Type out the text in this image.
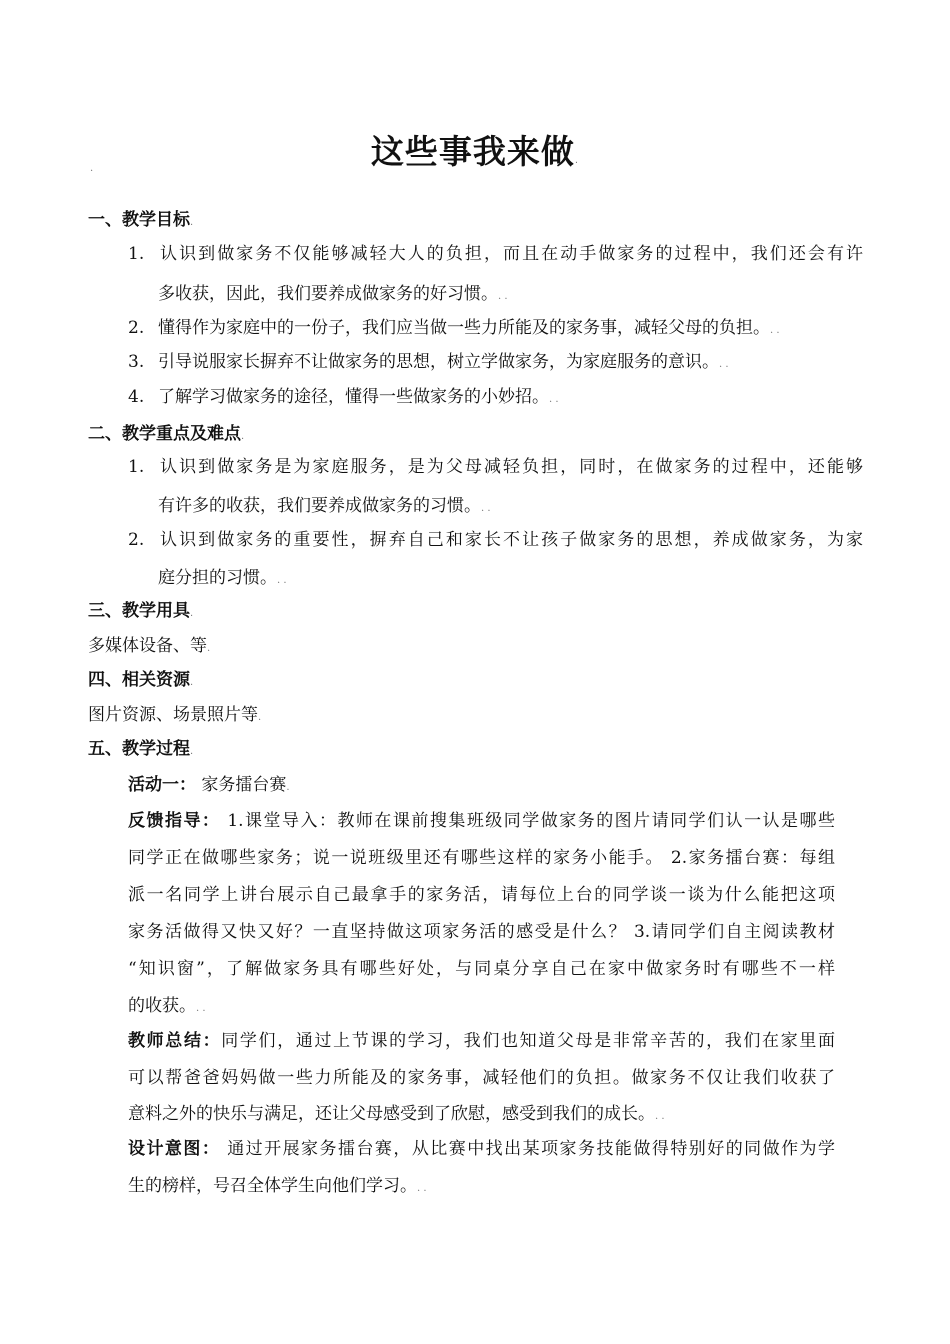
这些事我来做.
.
一、教学目标.
1. 认识到做家务不仅能够减轻大人的负担，而且在动手做家务的过程中，我们还会有许
多收获，因此，我们要养成做家务的好习惯。. .
2. 懂得作为家庭中的一份子，我们应当做一些力所能及的家务事，减轻父母的负担。. .
3. 引导说服家长摒弃不让做家务的思想，树立学做家务，为家庭服务的意识。. .
4. 了解学习做家务的途径，懂得一些做家务的小妙招。. .
二、教学重点及难点.
1. 认识到做家务是为家庭服务，是为父母减轻负担，同时，在做家务的过程中，还能够
有许多的收获，我们要养成做家务的习惯。. .
2. 认识到做家务的重要性，摒弃自己和家长不让孩子做家务的思想，养成做家务，为家
庭分担的习惯。. .
三、教学用具.
多媒体设备、等.
四、相关资源.
图片资源、场景照片等.
五、教学过程.
活动一： 家务擂台赛.
反馈指导： 1.课堂导入：教师在课前搜集班级同学做家务的图片请同学们认一认是哪些
同学正在做哪些家务；说一说班级里还有哪些这样的家务小能手。 2.家务擂台赛：每组
派一名同学上讲台展示自己最拿手的家务活，请每位上台的同学谈一谈为什么能把这项
家务活做得又快又好？一直坚持做这项家务活的感受是什么？ 3.请同学们自主阅读教材
“知识窗”，了解做家务具有哪些好处，与同桌分享自己在家中做家务时有哪些不一样
的收获。. .
教师总结：同学们，通过上节课的学习，我们也知道父母是非常辛苦的，我们在家里面
可以帮爸爸妈妈做一些力所能及的家务事，减轻他们的负担。做家务不仅让我们收获了
意料之外的快乐与满足，还让父母感受到了欣慰，感受到我们的成长。. .
设计意图： 通过开展家务擂台赛，从比赛中找出某项家务技能做得特别好的同做作为学
生的榜样，号召全体学生向他们学习。. .
